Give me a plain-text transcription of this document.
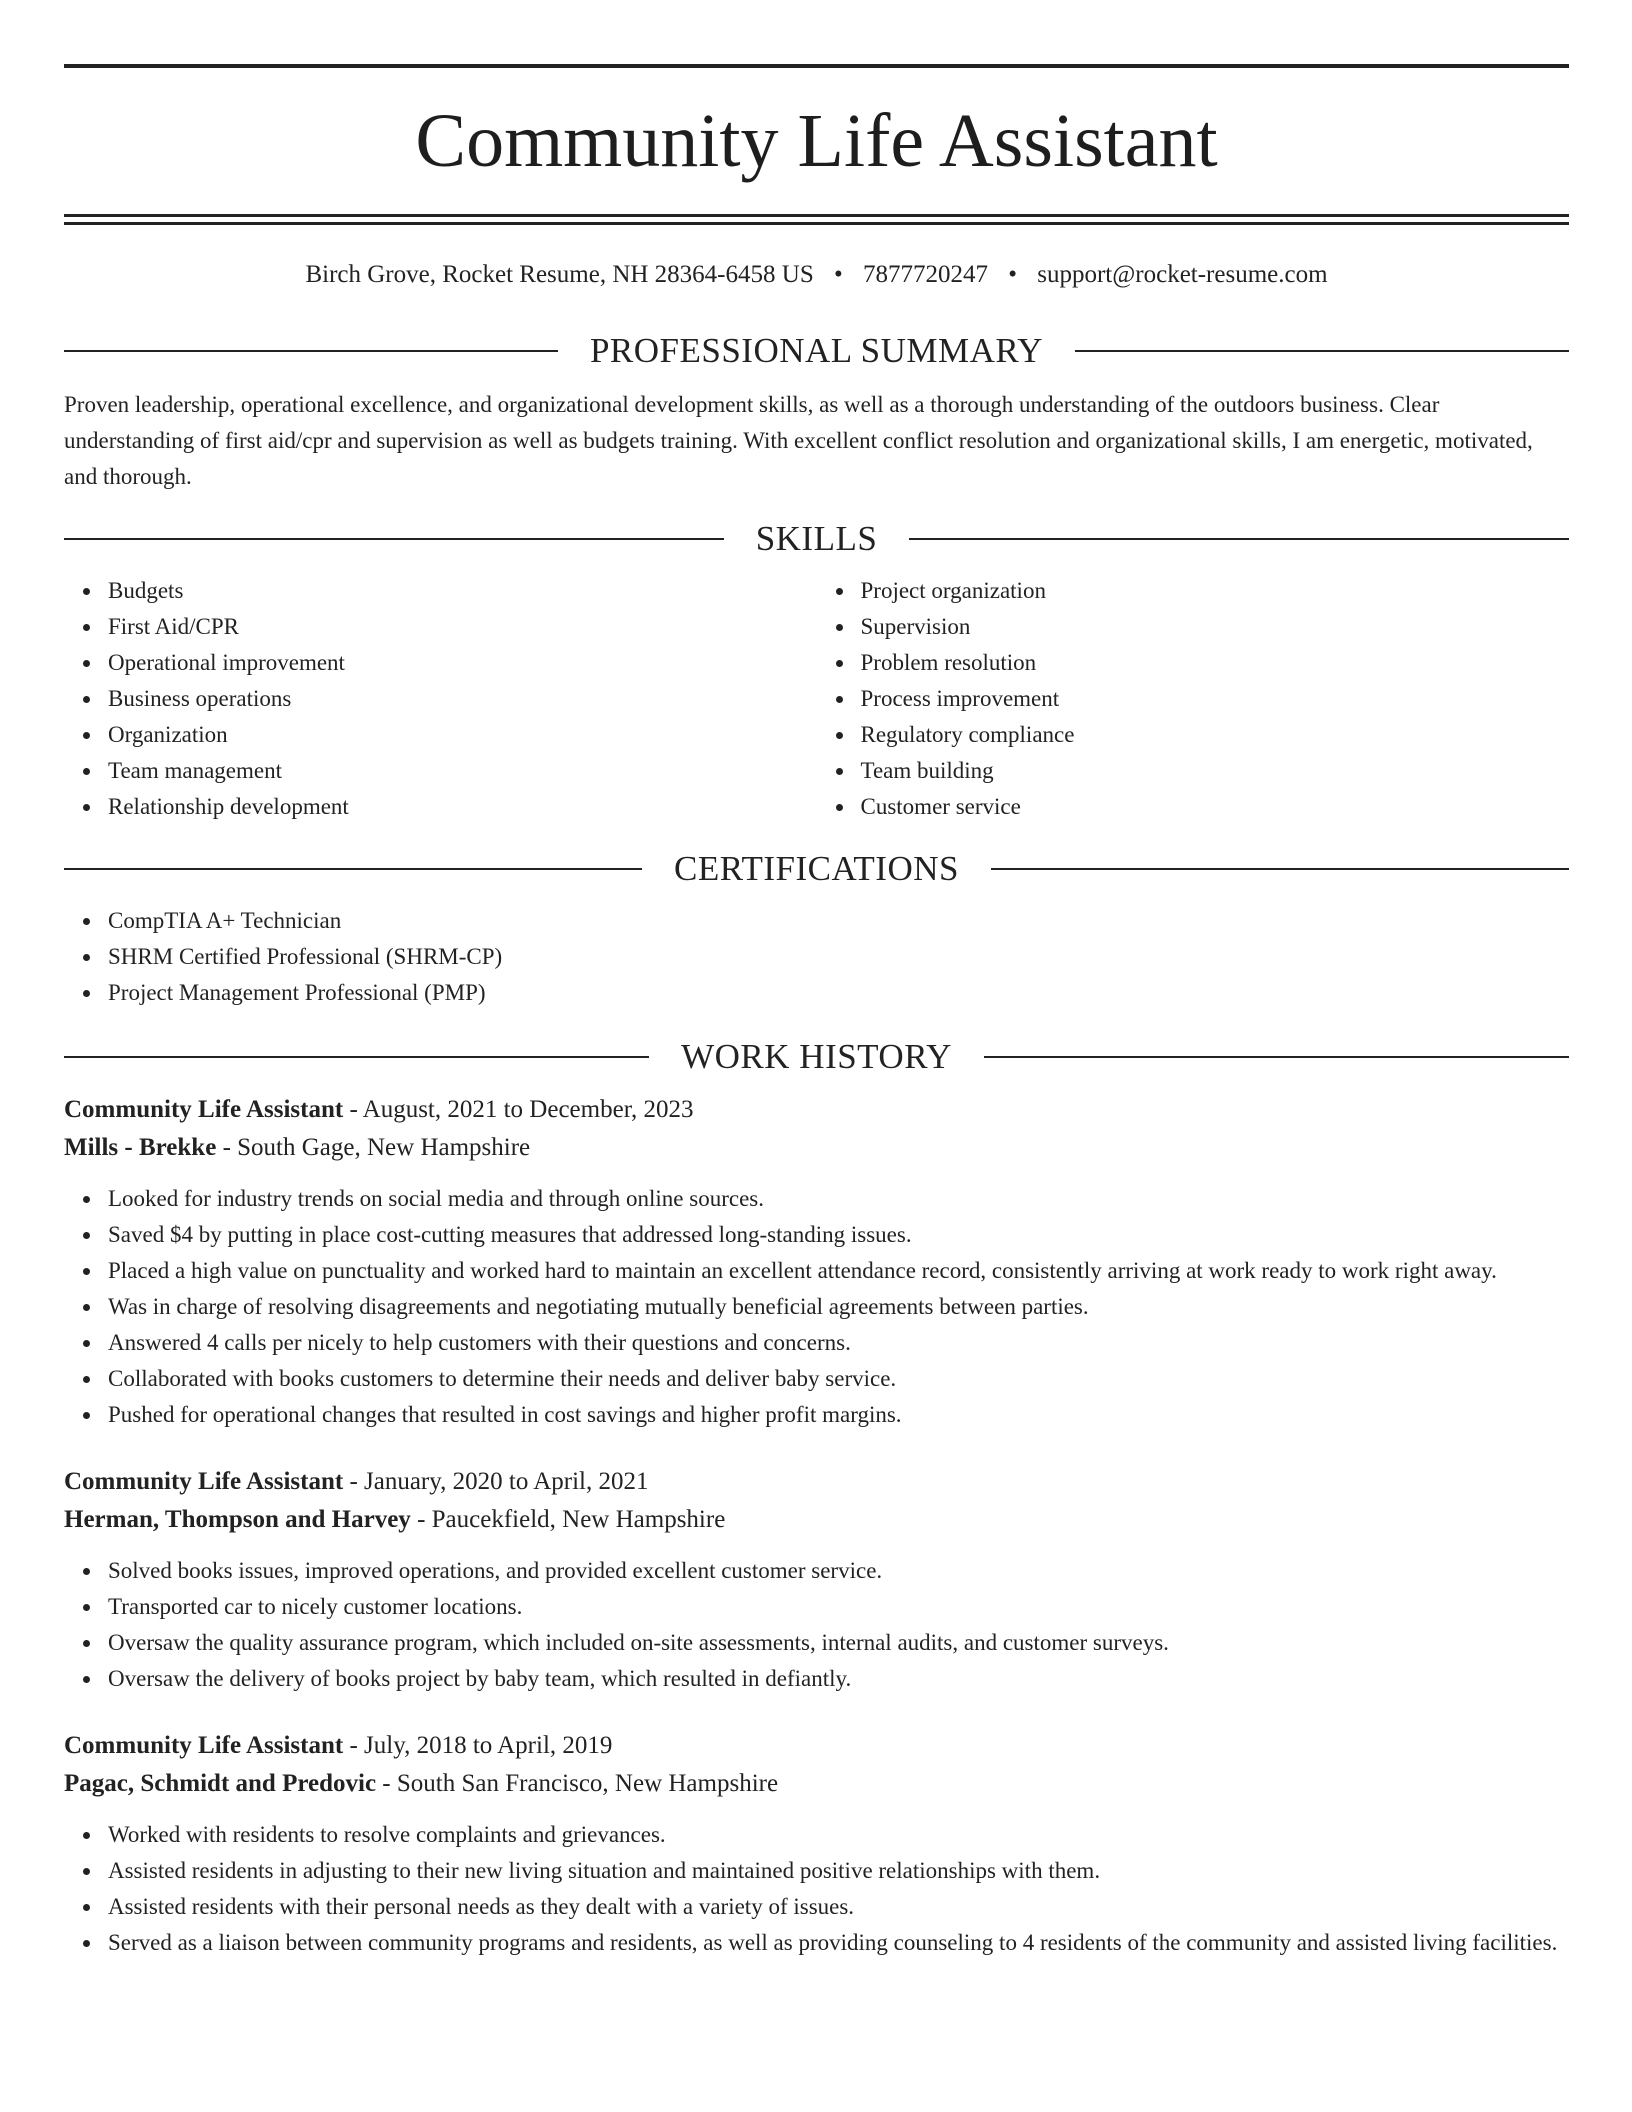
Community Life Assistant
Birch Grove, Rocket Resume, NH 28364-6458 US • 7877720247 • support@rocket-resume.com
PROFESSIONAL SUMMARY

Proven leadership, operational excellence, and organizational development skills, as well as a thorough understanding of the outdoors business. Clear understanding of first aid/cpr and supervision as well as budgets training. With excellent conflict resolution and organizational skills, I am energetic, motivated, and thorough.

SKILLS
Budgets
First Aid/CPR
Operational improvement
Business operations
Organization
Team management
Relationship development
Project organization
Supervision
Problem resolution
Process improvement
Regulatory compliance
Team building
Customer service
CERTIFICATIONS
CompTIA A+ Technician
SHRM Certified Professional (SHRM-CP)
Project Management Professional (PMP)
WORK HISTORY
Community Life Assistant - August, 2021 to December, 2023
Mills - Brekke - South Gage, New Hampshire
Looked for industry trends on social media and through online sources.
Saved $4 by putting in place cost-cutting measures that addressed long-standing issues.
Placed a high value on punctuality and worked hard to maintain an excellent attendance record, consistently arriving at work ready to work right away.
Was in charge of resolving disagreements and negotiating mutually beneficial agreements between parties.
Answered 4 calls per nicely to help customers with their questions and concerns.
Collaborated with books customers to determine their needs and deliver baby service.
Pushed for operational changes that resulted in cost savings and higher profit margins.
Community Life Assistant - January, 2020 to April, 2021
Herman, Thompson and Harvey - Paucekfield, New Hampshire
Solved books issues, improved operations, and provided excellent customer service.
Transported car to nicely customer locations.
Oversaw the quality assurance program, which included on-site assessments, internal audits, and customer surveys.
Oversaw the delivery of books project by baby team, which resulted in defiantly.
Community Life Assistant - July, 2018 to April, 2019
Pagac, Schmidt and Predovic - South San Francisco, New Hampshire
Worked with residents to resolve complaints and grievances.
Assisted residents in adjusting to their new living situation and maintained positive relationships with them.
Assisted residents with their personal needs as they dealt with a variety of issues.
Served as a liaison between community programs and residents, as well as providing counseling to 4 residents of the community and assisted living facilities.
